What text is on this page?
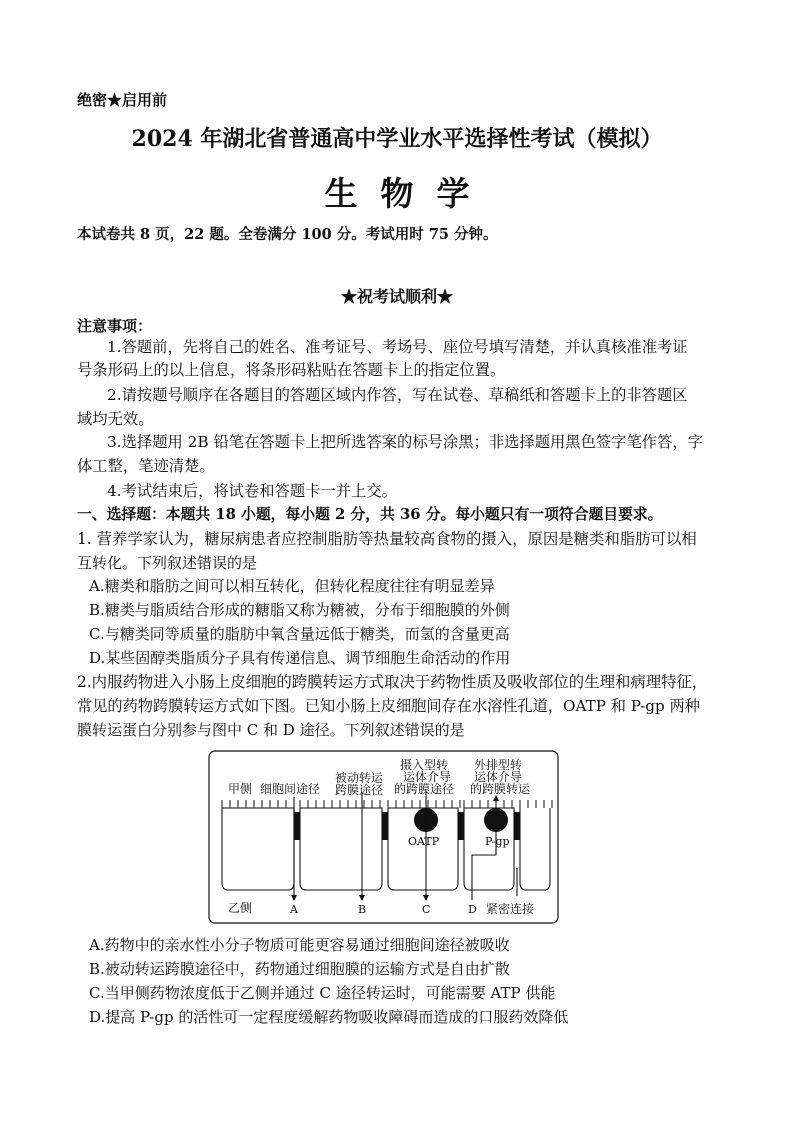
绝密★启用前
2024 年湖北省普通高中学业水平选择性考试（模拟）
生  物  学
本试卷共 8 页，22 题。全卷满分 100 分。考试用时 75 分钟。
★祝考试顺利★
注意事项：
1.答题前，先将自己的姓名、准考证号、考场号、座位号填写清楚，并认真核准准考证
号条形码上的以上信息，将条形码粘贴在答题卡上的指定位置。
2.请按题号顺序在各题目的答题区域内作答，写在试卷、草稿纸和答题卡上的非答题区
域均无效。
3.选择题用 2B 铅笔在答题卡上把所选答案的标号涂黑；非选择题用黑色签字笔作答，字
体工整，笔迹清楚。
4.考试结束后，将试卷和答题卡一并上交。
一、选择题：本题共 18 小题，每小题 2 分，共 36 分。每小题只有一项符合题目要求。
1. 营养学家认为，糖尿病患者应控制脂肪等热量较高食物的摄入，原因是糖类和脂肪可以相
互转化。下列叙述错误的是
A.糖类和脂肪之间可以相互转化，但转化程度往往有明显差异
B.糖类与脂质结合形成的糖脂又称为糖被，分布于细胞膜的外侧
C.与糖类同等质量的脂肪中氧含量远低于糖类，而氢的含量更高
D.某些固醇类脂质分子具有传递信息、调节细胞生命活动的作用
2.内服药物进入小肠上皮细胞的跨膜转运方式取决于药物性质及吸收部位的生理和病理特征，
常见的药物跨膜转运方式如下图。已知小肠上皮细胞间存在水溶性孔道，OATP 和 P-gp 两种
膜转运蛋白分别参与图中 C 和 D 途径。下列叙述错误的是
甲侧 细胞间途径
被动转运
跨膜途径
摄入型转
运体介导
的跨膜途径
外排型转
运体介导
的跨膜转运
OATP	P-gp
乙侧	A	B	C	D 紧密连接
A.药物中的亲水性小分子物质可能更容易通过细胞间途径被吸收
B.被动转运跨膜途径中，药物通过细胞膜的运输方式是自由扩散
C.当甲侧药物浓度低于乙侧并通过 C 途径转运时，可能需要 ATP 供能
D.提高 P-gp 的活性可一定程度缓解药物吸收障碍而造成的口服药效降低
